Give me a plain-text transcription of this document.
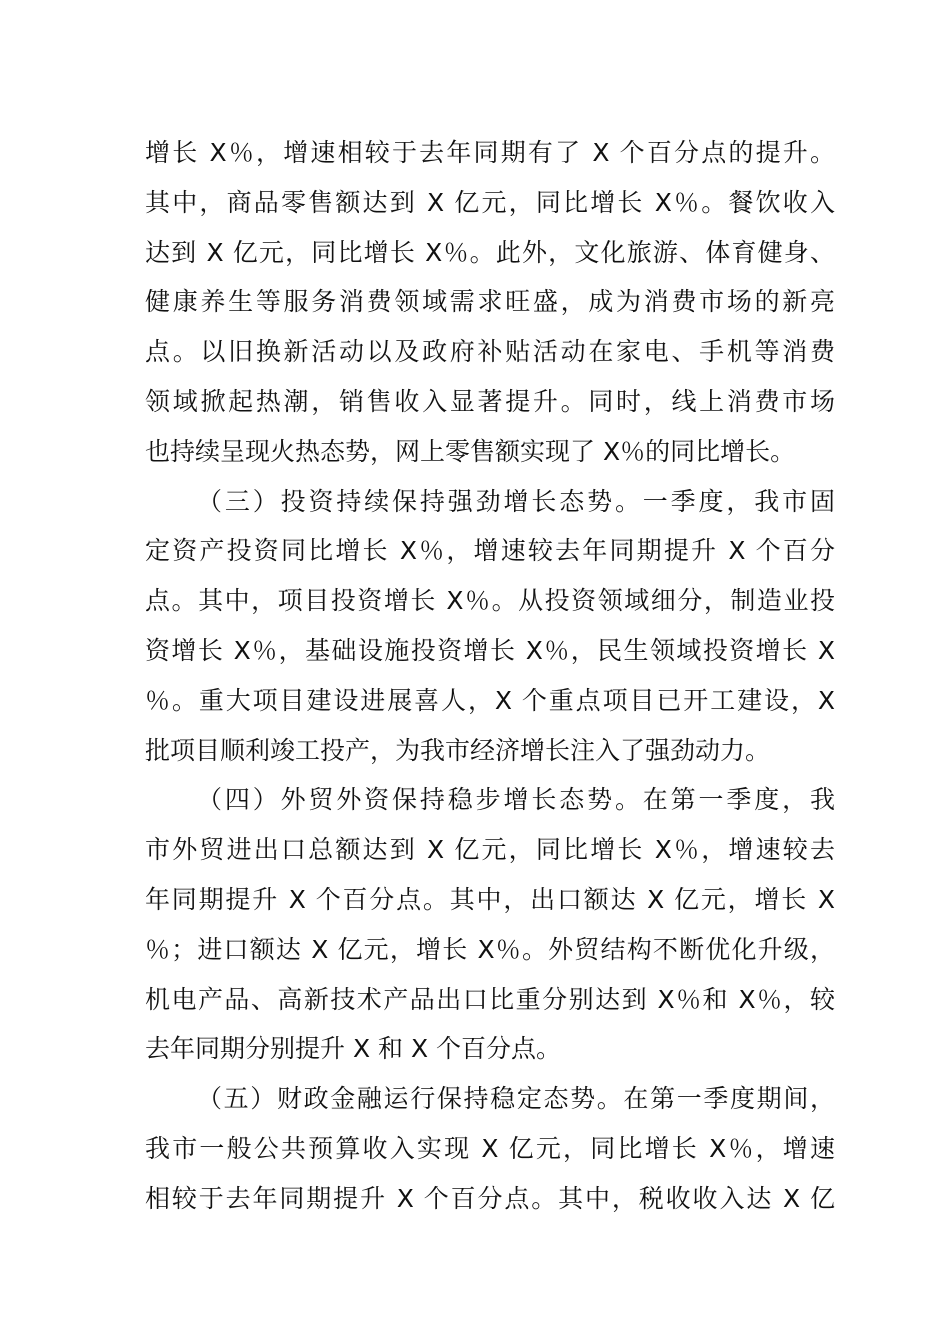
增长 X％，增速相较于去年同期有了 X 个百分点的提升。
其中，商品零售额达到 X 亿元，同比增长 X％。餐饮收入
达到 X 亿元，同比增长 X％。此外，文化旅游、体育健身、
健康养生等服务消费领域需求旺盛，成为消费市场的新亮
点。以旧换新活动以及政府补贴活动在家电、手机等消费
领域掀起热潮，销售收入显著提升。同时，线上消费市场
也持续呈现火热态势，网上零售额实现了 X％的同比增长。
（三）投资持续保持强劲增长态势。一季度，我市固
定资产投资同比增长 X％，增速较去年同期提升 X 个百分
点。其中，项目投资增长 X％。从投资领域细分，制造业投
资增长 X％，基础设施投资增长 X％，民生领域投资增长 X
％。重大项目建设进展喜人，X 个重点项目已开工建设，X
批项目顺利竣工投产，为我市经济增长注入了强劲动力。
（四）外贸外资保持稳步增长态势。在第一季度，我
市外贸进出口总额达到 X 亿元，同比增长 X％，增速较去
年同期提升 X 个百分点。其中，出口额达 X 亿元，增长 X
％；进口额达 X 亿元，增长 X％。外贸结构不断优化升级，
机电产品、高新技术产品出口比重分别达到 X％和 X％，较
去年同期分别提升 X 和 X 个百分点。
（五）财政金融运行保持稳定态势。在第一季度期间，
我市一般公共预算收入实现 X 亿元，同比增长 X％，增速
相较于去年同期提升 X 个百分点。其中，税收收入达 X 亿
